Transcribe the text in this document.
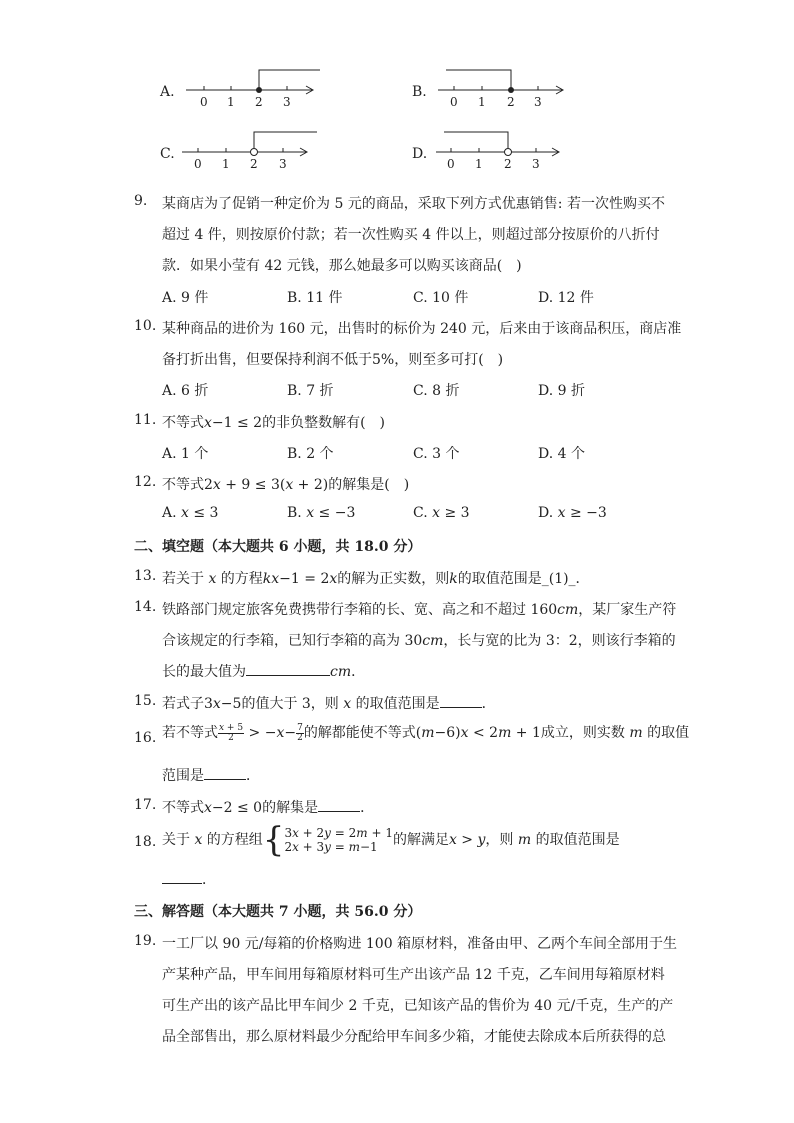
A.
0 1 2 3
B.
0 1 2 3
C.
0 1 2 3
D.
0 1 2 3
9. 某商店为了促销一种定价为 5 元的商品，采取下列方式优惠销售: 若一次性购买不
超过 4 件，则按原价付款；若一次性购买 4 件以上，则超过部分按原价的八折付
款．如果小莹有 42 元钱，那么她最多可以购买该商品(　)
A. 9 件	B. 11 件	C. 10 件	D. 12 件
10. 某种商品的进价为 160 元，出售时的标价为 240 元，后来由于该商品积压，商店准
备打折出售，但要保持利润不低于5%，则至多可打(　)
A. 6 折	B. 7 折	C. 8 折	D. 9 折
11. 不等式𝑥−1 ≤ 2的非负整数解有(　)
A. 1 个	B. 2 个	C. 3 个	D. 4 个
12. 不等式2𝑥 + 9 ≤ 3(𝑥 + 2)的解集是(　)
A. 𝑥 ≤ 3	B. 𝑥 ≤ −3	C. 𝑥 ≥ 3	D. 𝑥 ≥ −3
二、填空题（本大题共 6 小题，共 18.0 分）
13. 若关于 𝑥 的方程𝑘𝑥−1 = 2𝑥的解为正实数，则𝑘的取值范围是_(1)_．
14. 铁路部门规定旅客免费携带行李箱的长、宽、高之和不超过 160𝑐𝑚，某厂家生产符
合该规定的行李箱，已知行李箱的高为 30𝑐𝑚，长与宽的比为 3：2，则该行李箱的
长的最大值为	𝑐𝑚．
15. 若式子3𝑥−5的值大于 3，则 𝑥 的取值范围是	．
16. 若不等式 $\frac{\text{𝑥 + 5}}{2}$ > −𝑥− $\frac{7}{2}$ 的解都能使不等式(𝑚−6)𝑥 < 2𝑚 + 1成立，则实数 𝑚 的取值
范围是	．
17. 不等式𝑥−2 ≤ 0的解集是	．
18. 关于 𝑥 的方程组{ 3𝑥 + 2𝑦 = 2𝑚 + 1
2𝑥 + 3𝑦 = 𝑚−1	的解满足𝑥 > 𝑦，则 𝑚 的取值范围是
．
三、解答题（本大题共 7 小题，共 56.0 分）
19. 一工厂以 90 元/每箱的价格购进 100 箱原材料，准备由甲、乙两个车间全部用于生
产某种产品，甲车间用每箱原材料可生产出该产品 12 千克，乙车间用每箱原材料
可生产出的该产品比甲车间少 2 千克，已知该产品的售价为 40 元/千克，生产的产
品全部售出，那么原材料最少分配给甲车间多少箱，才能使去除成本后所获得的总
